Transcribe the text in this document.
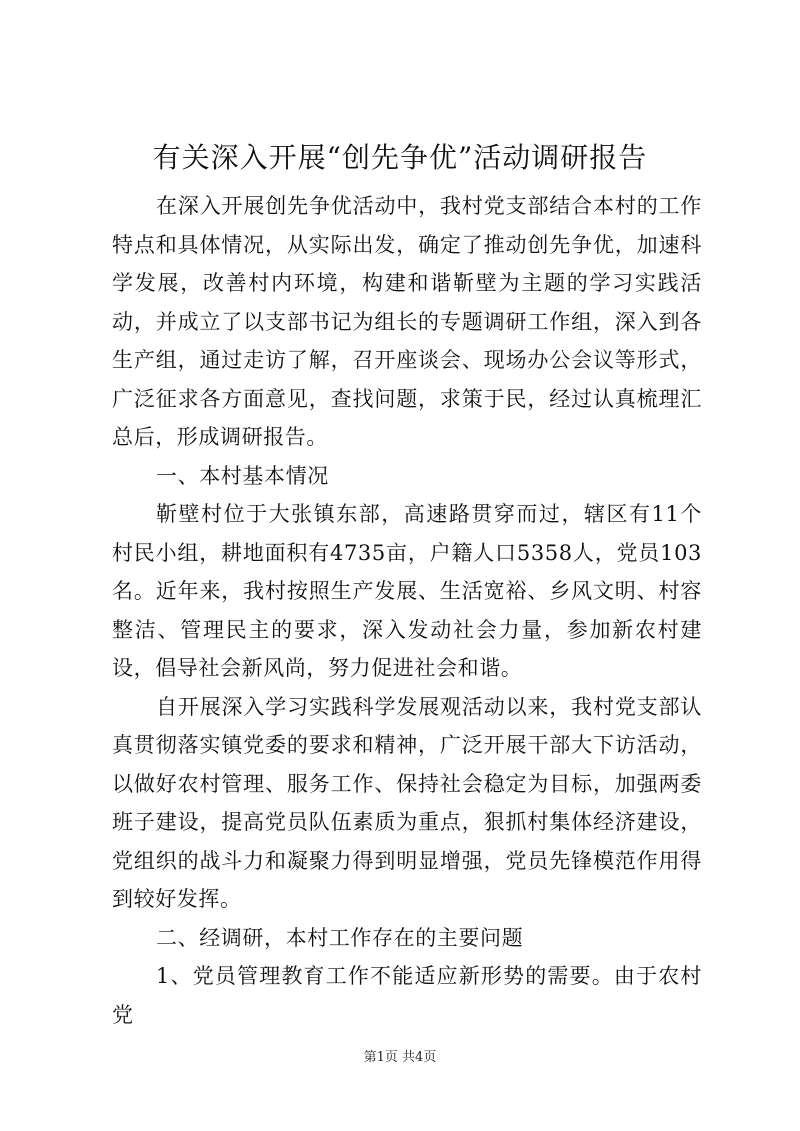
有关深入开展“创先争优”活动调研报告

在深入开展创先争优活动中，我村党支部结合本村的工作特点和具体情况，从实际出发，确定了推动创先争优，加速科学发展，改善村内环境，构建和谐靳壁为主题的学习实践活动，并成立了以支部书记为组长的专题调研工作组，深入到各生产组，通过走访了解，召开座谈会、现场办公会议等形式，广泛征求各方面意见，查找问题，求策于民，经过认真梳理汇总后，形成调研报告。

一、本村基本情况

靳壁村位于大张镇东部，高速路贯穿而过，辖区有11个村民小组，耕地面积有4735亩，户籍人口5358人，党员103名。近年来，我村按照生产发展、生活宽裕、乡风文明、村容整洁、管理民主的要求，深入发动社会力量，参加新农村建设，倡导社会新风尚，努力促进社会和谐。

自开展深入学习实践科学发展观活动以来，我村党支部认真贯彻落实镇党委的要求和精神，广泛开展干部大下访活动，以做好农村管理、服务工作、保持社会稳定为目标，加强两委班子建设，提高党员队伍素质为重点，狠抓村集体经济建设，党组织的战斗力和凝聚力得到明显增强，党员先锋模范作用得到较好发挥。

二、经调研，本村工作存在的主要问题

1、党员管理教育工作不能适应新形势的需要。由于农村党

第1页 共4页
